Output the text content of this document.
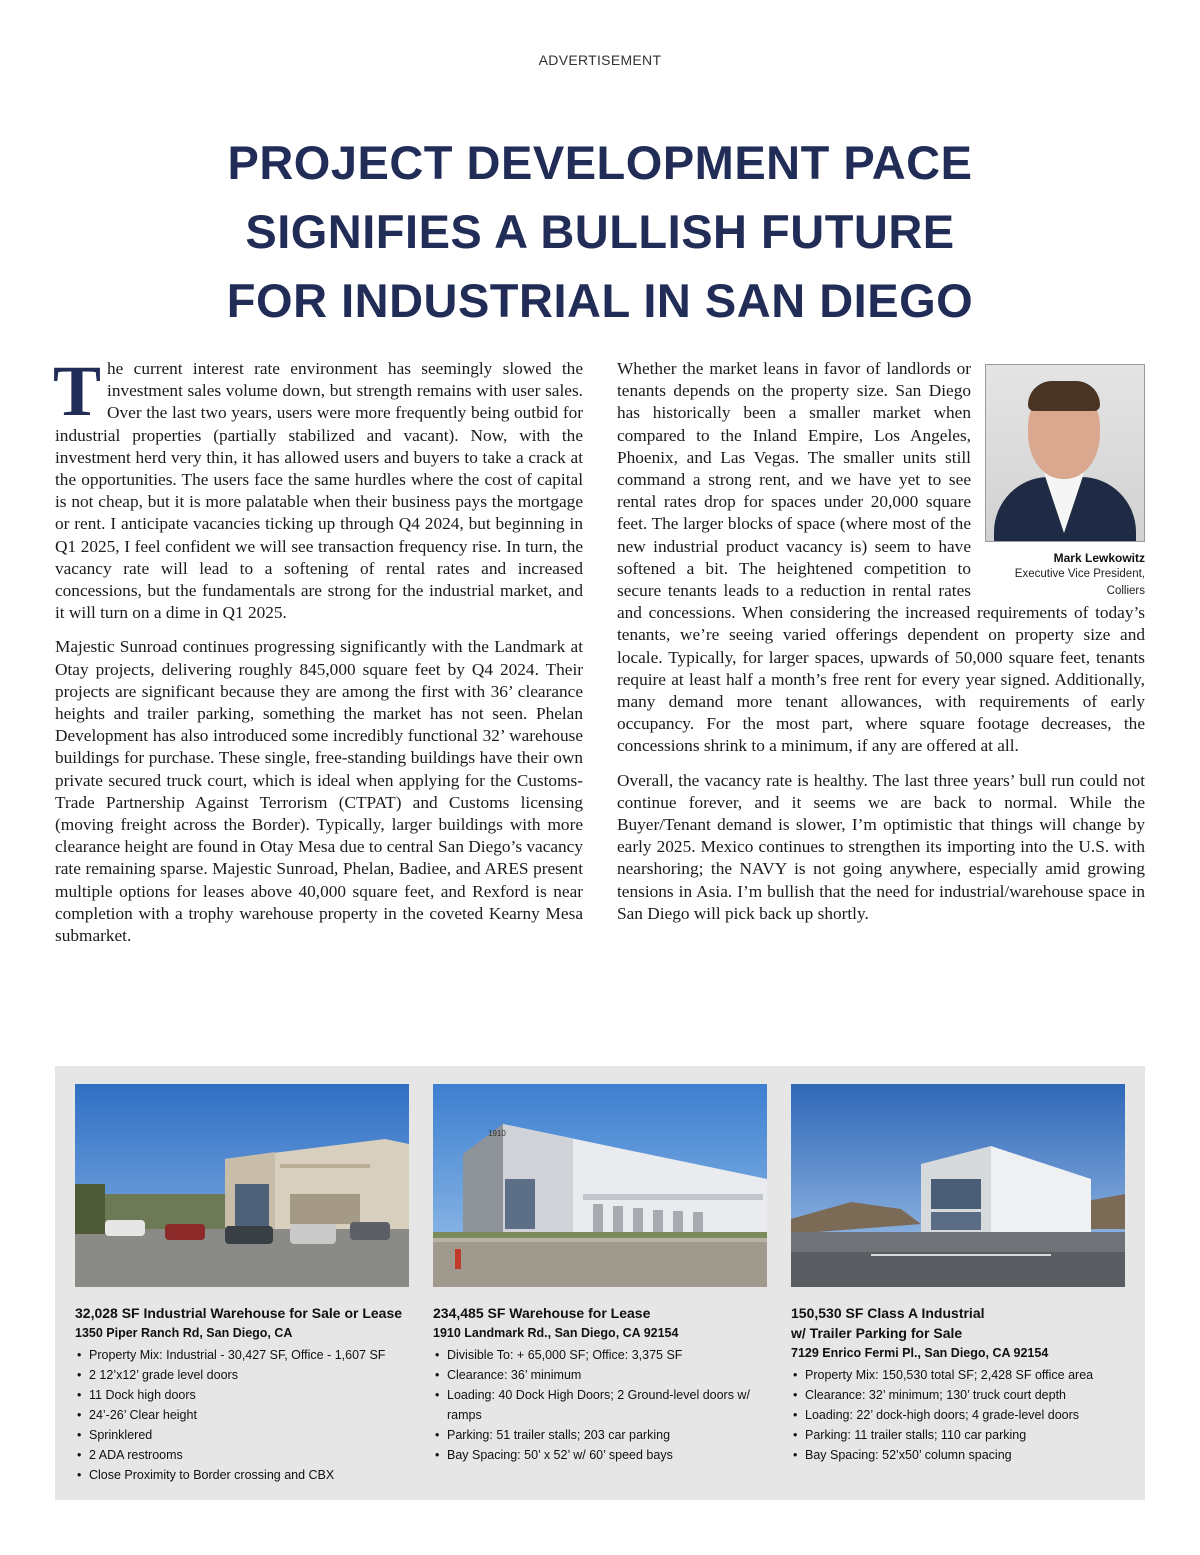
ADVERTISEMENT
PROJECT DEVELOPMENT PACE
SIGNIFIES A BULLISH FUTURE
FOR INDUSTRIAL IN SAN DIEGO

The current interest rate environment has seemingly slowed the investment sales volume down, but strength remains with user sales. Over the last two years, users were more frequently being outbid for industrial properties (partially stabilized and vacant). Now, with the investment herd very thin, it has allowed users and buyers to take a crack at the opportunities. The users face the same hurdles where the cost of capital is not cheap, but it is more palatable when their business pays the mortgage or rent. I anticipate vacancies ticking up through Q4 2024, but beginning in Q1 2025, I feel confident we will see transaction frequency rise. In turn, the vacancy rate will lead to a softening of rental rates and increased concessions, but the fundamentals are strong for the industrial market, and it will turn on a dime in Q1 2025.

Majestic Sunroad continues progressing significantly with the Landmark at Otay projects, delivering roughly 845,000 square feet by Q4 2024. Their projects are significant because they are among the first with 36’ clearance heights and trailer parking, something the market has not seen. Phelan Development has also introduced some incredibly functional 32’ warehouse buildings for purchase. These single, free-standing buildings have their own private secured truck court, which is ideal when applying for the Customs-Trade Partnership Against Terrorism (CTPAT) and Customs licensing (moving freight across the Border). Typically, larger buildings with more clearance height are found in Otay Mesa due to central San Diego’s vacancy rate remaining sparse. Majestic Sunroad, Phelan, Badiee, and ARES present multiple options for leases above 40,000 square feet, and Rexford is near completion with a trophy warehouse property in the coveted Kearny Mesa submarket.

Mark Lewkowitz
Executive Vice President,
Colliers

Whether the market leans in favor of landlords or tenants depends on the property size. San Diego has historically been a smaller market when compared to the Inland Empire, Los Angeles, Phoenix, and Las Vegas. The smaller units still command a strong rent, and we have yet to see rental rates drop for spaces under 20,000 square feet. The larger blocks of space (where most of the new industrial product vacancy is) seem to have softened a bit. The heightened competition to secure tenants leads to a reduction in rental rates and concessions. When considering the increased requirements of today’s tenants, we’re seeing varied offerings dependent on property size and locale. Typically, for larger spaces, upwards of 50,000 square feet, tenants require at least half a month’s free rent for every year signed. Additionally, many demand more tenant allowances, with requirements of early occupancy. For the most part, where square footage decreases, the concessions shrink to a minimum, if any are offered at all.

Overall, the vacancy rate is healthy. The last three years’ bull run could not continue forever, and it seems we are back to normal. While the Buyer/Tenant demand is slower, I’m optimistic that things will change by early 2025. Mexico continues to strengthen its importing into the U.S. with nearshoring; the NAVY is not going anywhere, especially amid growing tensions in Asia. I’m bullish that the need for industrial/warehouse space in San Diego will pick back up shortly.

32,028 SF Industrial Warehouse for Sale or Lease
1350 Piper Ranch Rd, San Diego, CA
• Property Mix: Industrial - 30,427 SF, Office - 1,607 SF
• 2 12’x12’ grade level doors
• 11 Dock high doors
• 24’-26’ Clear height
• Sprinklered
• 2 ADA restrooms
• Close Proximity to Border crossing and CBX
1910
234,485 SF Warehouse for Lease
1910 Landmark Rd., San Diego, CA 92154
• Divisible To: + 65,000 SF; Office: 3,375 SF
• Clearance: 36’ minimum
• Loading: 40 Dock High Doors; 2 Ground-level doors w/ ramps
• Parking: 51 trailer stalls; 203 car parking
• Bay Spacing: 50’ x 52’ w/ 60’ speed bays
150,530 SF Class A Industrial
w/ Trailer Parking for Sale
7129 Enrico Fermi Pl., San Diego, CA 92154
• Property Mix: 150,530 total SF; 2,428 SF office area
• Clearance: 32’ minimum; 130’ truck court depth
• Loading: 22’ dock-high doors; 4 grade-level doors
• Parking: 11 trailer stalls; 110 car parking
• Bay Spacing: 52’x50’ column spacing
